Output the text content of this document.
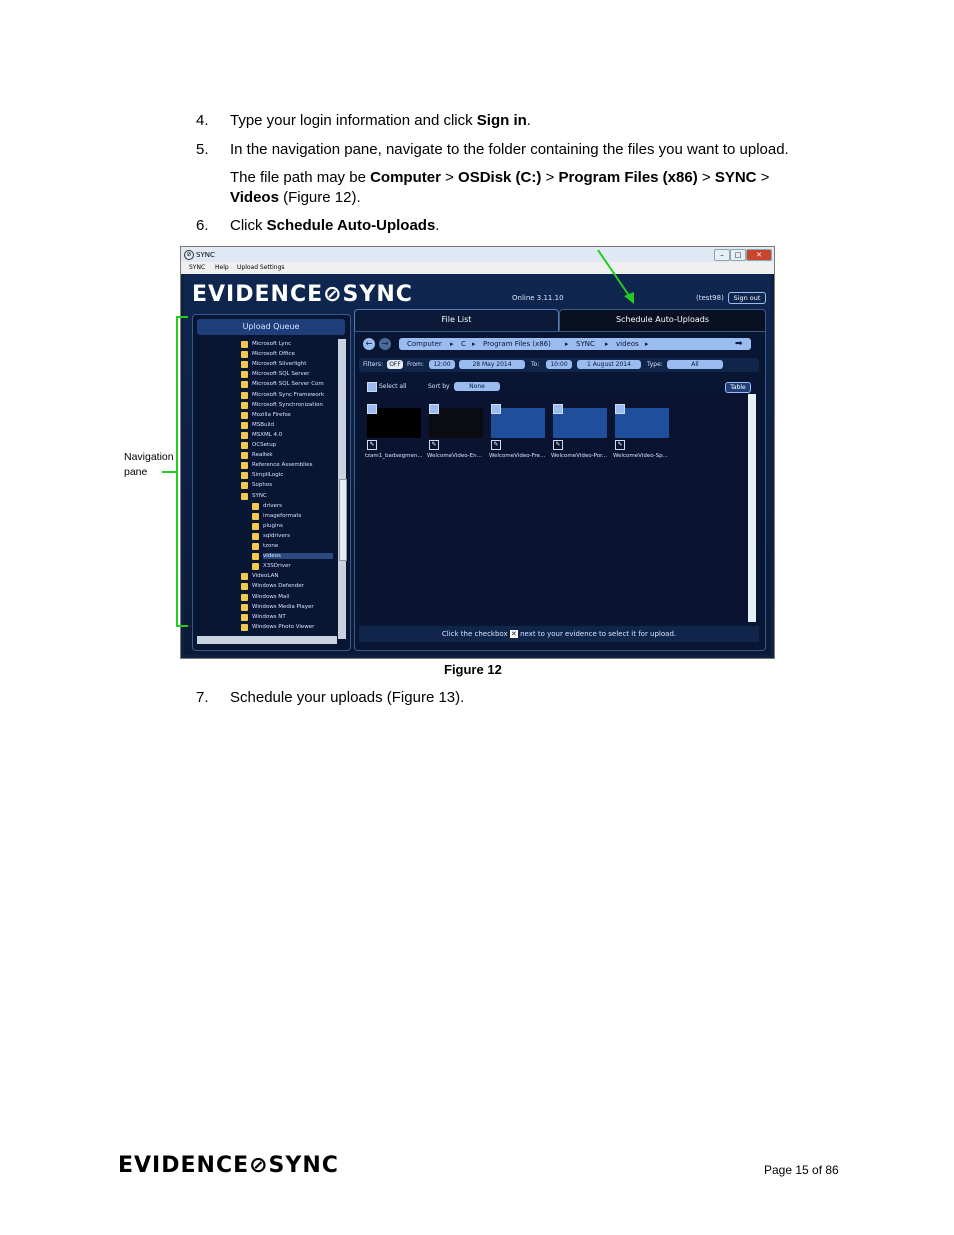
4.	Type your login information and click Sign in.
5.	In the navigation pane, navigate to the folder containing the files you want to upload.
The file path may be Computer > OSDisk (C:) > Program Files (x86) > SYNC >
Videos (Figure 12).
6.	Click Schedule Auto-Uploads.
⊘ SYNC	–	□	✕
SYNC Help Upload Settings
EVIDENCE⊘SYNC	Online 3.11.10	(test98)	Sign out
Upload Queue
Microsoft Lync
Microsoft Office
Microsoft Silverlight
Microsoft SQL Server
Microsoft SQL Server Com
Microsoft Sync Framework
Microsoft Synchronization
Mozilla Firefox
MSBuild
MSXML 4.0
OCSetup
Realtek
Reference Assemblies
SimpliLogic
Sophos
SYNC
drivers
imageformats
plugins
sqldrivers
tzone
videos
X3SDriver
VideoLAN
Windows Defender
Windows Mail
Windows Media Player
Windows NT
Windows Photo Viewer
File List	Schedule Auto-Uploads
←	→	Computer ▸ C ▸ Program Files (x86) ▸ SYNC ▸ videos ▸	➡
Filters:	OFF	From:	12:00	28 May 2014	To:	10:00	1 August 2014	Type:	All
Select all	Sort by	None	Table
✎	✎	✎	✎	✎
tzam1_badsegmen... WelcomeVideo-En... WelcomeVideo-Fre... WelcomeVideo-Por... WelcomeVideo-Sp...
Click the checkbox ✕ next to your evidence to select it for upload.
Navigation
pane
Figure 12
7.	Schedule your uploads (Figure 13).
EVIDENCE⊘SYNC	Page 15 of 86
